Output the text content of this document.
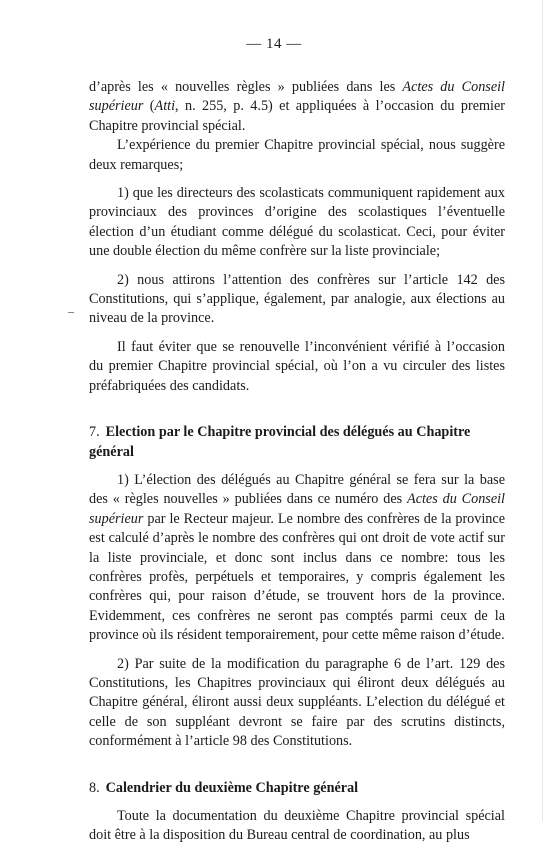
— 14 —

d’après les « nouvelles règles » publiées dans les Actes du Conseil supérieur (Atti, n. 255, p. 4.5) et appliquées à l’occasion du premier Chapitre provincial spécial.

L’expérience du premier Chapitre provincial spécial, nous suggère deux remarques;

1) que les directeurs des scolasticats communiquent rapidement aux provinciaux des provinces d’origine des scolastiques l’éventuelle élection d’un étudiant comme délégué du scolasticat. Ceci, pour éviter une double élection du même confrère sur la liste provinciale;

2) nous attirons l’attention des confrères sur l’article 142 des Constitutions, qui s’applique, également, par analogie, aux élections au niveau de la province.

Il faut éviter que se renouvelle l’inconvénient vérifié à l’occasion du premier Chapitre provincial spécial, où l’on a vu circuler des listes préfabriquées des candidats.

7. Election par le Chapitre provincial des délégués au Chapitre général

1) L’élection des délégués au Chapitre général se fera sur la base des « règles nouvelles » publiées dans ce numéro des Actes du Conseil supérieur par le Recteur majeur. Le nombre des confrères de la province est calculé d’après le nombre des confrères qui ont droit de vote actif sur la liste provinciale, et donc sont inclus dans ce nombre: tous les confrères profès, perpétuels et temporaires, y compris également les confrères qui, pour raison d’étude, se trouvent hors de la province. Evidemment, ces confrères ne seront pas comptés parmi ceux de la province où ils résident temporairement, pour cette même raison d’étude.

2) Par suite de la modification du paragraphe 6 de l’art. 129 des Constitutions, les Chapitres provinciaux qui éliront deux délégués au Chapitre général, éliront aussi deux suppléants. L’election du délégué et celle de son suppléant devront se faire par des scrutins distincts, conformément à l’article 98 des Constitutions.

8. Calendrier du deuxième Chapitre général

Toute la documentation du deuxième Chapitre provincial spécial doit être à la disposition du Bureau central de coordination, au plus
